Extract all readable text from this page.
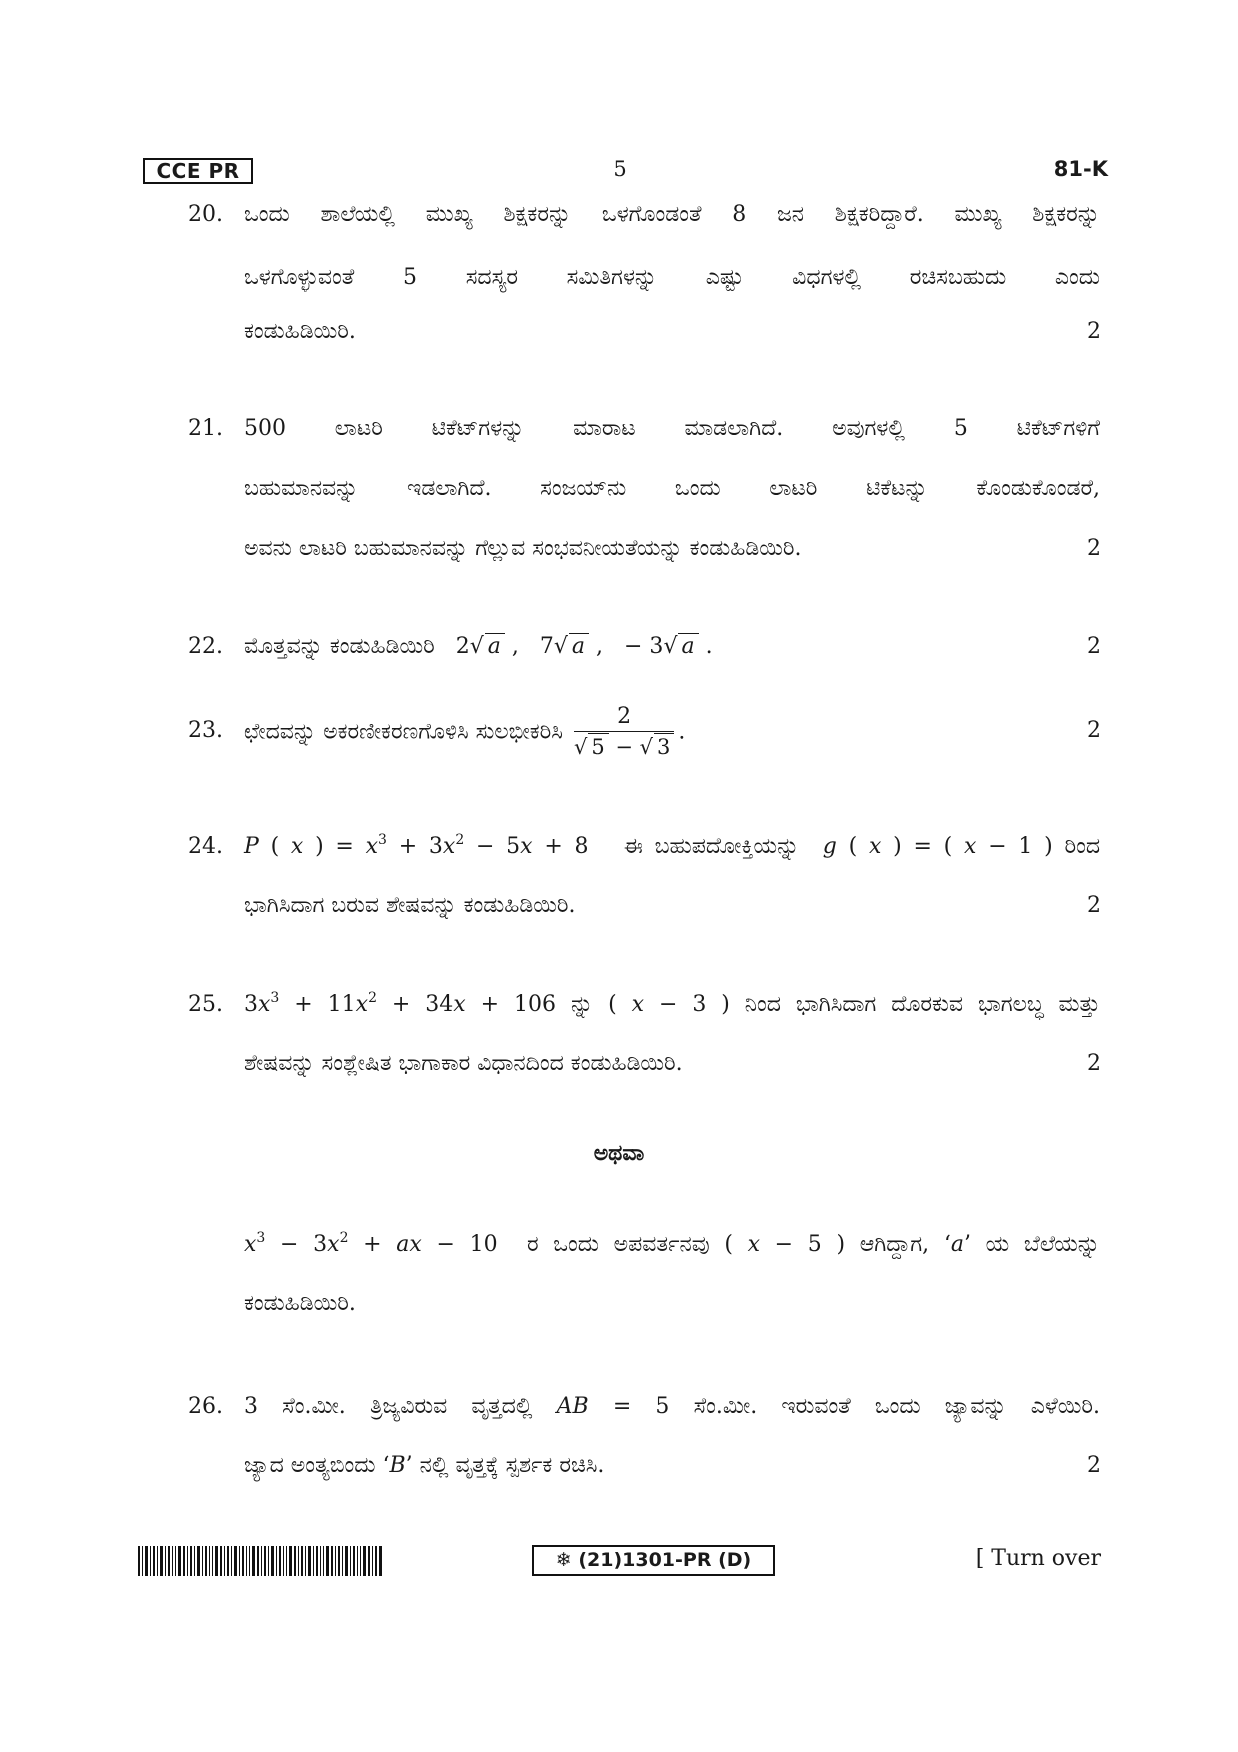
CCE PR	5	81-K
20. ಒಂದು ಶಾಲೆಯಲ್ಲಿ ಮುಖ್ಯ ಶಿಕ್ಷಕರನ್ನು ಒಳಗೊಂಡಂತೆ 8 ಜನ ಶಿಕ್ಷಕರಿದ್ದಾರೆ. ಮುಖ್ಯ ಶಿಕ್ಷಕರನ್ನು
ಒಳಗೊಳ್ಳುವಂತೆ 5 ಸದಸ್ಯರ ಸಮಿತಿಗಳನ್ನು ಎಷ್ಟು ವಿಧಗಳಲ್ಲಿ ರಚಿಸಬಹುದು ಎಂದು
ಕಂಡುಹಿಡಿಯಿರಿ.	2
21. 500 ಲಾಟರಿ ಟಿಕೆಟ್‌ಗಳನ್ನು ಮಾರಾಟ ಮಾಡಲಾಗಿದೆ. ಅವುಗಳಲ್ಲಿ 5 ಟಿಕೆಟ್‌ಗಳಿಗೆ
ಬಹುಮಾನವನ್ನು ಇಡಲಾಗಿದೆ. ಸಂಜಯ್‌ನು ಒಂದು ಲಾಟರಿ ಟಿಕೆಟನ್ನು ಕೊಂಡುಕೊಂಡರೆ,
ಅವನು ಲಾಟರಿ ಬಹುಮಾನವನ್ನು ಗೆಲ್ಲುವ ಸಂಭವನೀಯತೆಯನ್ನು ಕಂಡುಹಿಡಿಯಿರಿ.	2
22. ಮೊತ್ತವನ್ನು ಕಂಡುಹಿಡಿಯಿರಿ 2√ a ,   7√ a ,   − 3√ a .	2
23. ಛೇದವನ್ನು ಅಕರಣೀಕರಣಗೊಳಿಸಿ ಸುಲಭೀಕರಿಸಿ $\frac{2}{√ 5 - √ 3}$ .	2
24. P ( x ) = $x^3 + 3x^2 - 5x + 8$ ಈ ಬಹುಪದೋಕ್ತಿಯನ್ನು g ( x ) = ( x − 1 ) ರಿಂದ
ಭಾಗಿಸಿದಾಗ ಬರುವ ಶೇಷವನ್ನು ಕಂಡುಹಿಡಿಯಿರಿ.	2
25. $3x^3 + 11x^2 + 34x + 106$ ನ್ನು ( x − 3 ) ನಿಂದ ಭಾಗಿಸಿದಾಗ ದೊರಕುವ ಭಾಗಲಬ್ಧ ಮತ್ತು
ಶೇಷವನ್ನು ಸಂಶ್ಲೇಷಿತ ಭಾಗಾಕಾರ ವಿಧಾನದಿಂದ ಕಂಡುಹಿಡಿಯಿರಿ.	2
ಅಥವಾ
$x^3 - 3x^2$ + ax − 10 ರ ಒಂದು ಅಪವರ್ತನವು ( x − 5 ) ಆಗಿದ್ದಾಗ, ‘a’ ಯ ಬೆಲೆಯನ್ನು
ಕಂಡುಹಿಡಿಯಿರಿ.
26. 3 ಸೆಂ.ಮೀ. ತ್ರಿಜ್ಯವಿರುವ ವೃತ್ತದಲ್ಲಿ AB = 5 ಸೆಂ.ಮೀ. ಇರುವಂತೆ ಒಂದು ಜ್ಯಾವನ್ನು ಎಳೆಯಿರಿ.
ಜ್ಯಾದ ಅಂತ್ಯಬಿಂದು ‘B’ ನಲ್ಲಿ ವೃತ್ತಕ್ಕೆ ಸ್ಪರ್ಶಕ ರಚಿಸಿ.	2
❄ (21)1301-PR (D)	[ Turn over
